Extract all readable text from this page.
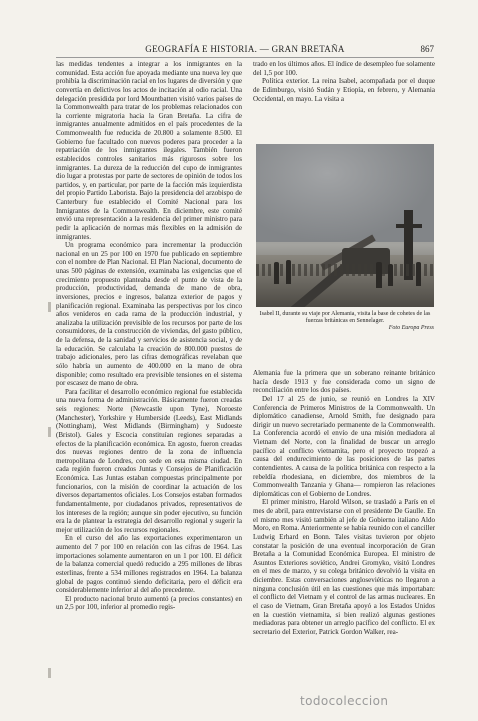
GEOGRAFÍA E HISTORIA. — GRAN BRETAÑA	867

las medidas tendentes a integrar a los inmigrantes en la comunidad. Esta acción fue apoyada mediante una nueva ley que prohibía la discriminación racial en los lugares de diversión y que convertía en delictivos los actos de incitación al odio racial. Una delegación presidida por lord Mountbatten visitó varios países de la Commonwealth para tratar de los problemas relacionados con la corriente migratoria hacia la Gran Bretaña. La cifra de inmigrantes anualmente admitidos en el país procedentes de la Commonwealth fue reducida de 20.800 a solamente 8.500. El Gobierno fue facultado con nuevos poderes para proceder a la repatriación de los inmigrantes ilegales. También fueron establecidos controles sanitarios más rigurosos sobre los inmigrantes. La dureza de la reducción del cupo de inmigrantes dio lugar a protestas por parte de sectores de opinión de todos los partidos, y, en particular, por parte de la facción más izquierdista del propio Partido Laborista. Bajo la presidencia del arzobispo de Canterbury fue establecido el Comité Nacional para los Inmigrantes de la Commonwealth. En diciembre, este comité envió una representación a la residencia del primer ministro para pedir la aplicación de normas más flexibles en la admisión de inmigrantes.

Un programa económico para incrementar la producción nacional en un 25 por 100 en 1970 fue publicado en septiembre con el nombre de Plan Nacional. El Plan Nacional, documento de unas 500 páginas de extensión, examinaba las exigencias que el crecimiento propuesto planteaba desde el punto de vista de la producción, productividad, demanda de mano de obra, inversiones, precios e ingresos, balanza exterior de pagos y planificación regional. Examinaba las perspectivas por los cinco años venideros en cada rama de la producción industrial, y analizaba la utilización previsible de los recursos por parte de los consumidores, de la construcción de viviendas, del gasto público, de la defensa, de la sanidad y servicios de asistencia social, y de la educación. Se calculaba la creación de 800.000 puestos de trabajo adicionales, pero las cifras demográficas revelaban que sólo habría un aumento de 400.000 en la mano de obra disponible; como resultado era previsible tensiones en el sistema por escasez de mano de obra.

Para facilitar el desarrollo económico regional fue establecida una nueva forma de administración. Básicamente fueron creadas seis regiones: Norte (Newcastle upon Tyne), Noroeste (Manchester), Yorkshire y Humberside (Leeds), East Midlands (Nottingham), West Midlands (Birmingham) y Sudoeste (Bristol). Gales y Escocia constituían regiones separadas a efectos de la planificación económica. En agosto, fueron creadas dos nuevas regiones dentro de la zona de influencia metropolitana de Londres, con sede en esta misma ciudad. En cada región fueron creados Juntas y Consejos de Planificación Económica. Las Juntas estaban compuestas principalmente por funcionarios, con la misión de coordinar la actuación de los diversos departamentos oficiales. Los Consejos estaban formados fundamentalmente, por ciudadanos privados, representativos de los intereses de la región; aunque sin poder ejecutivo, su función era la de plantear la estrategia del desarrollo regional y sugerir la mejor utilización de los recursos regionales.

En el curso del año las exportaciones experimentaron un aumento del 7 por 100 en relación con las cifras de 1964. Las importaciones solamente aumentaron en un 1 por 100. El déficit de la balanza comercial quedó reducido a 295 millones de libras esterlinas, frente a 534 millones registrados en 1964. La balanza global de pagos continuó siendo deficitaria, pero el déficit era considerablemente inferior al del año precedente.

El producto nacional bruto aumentó (a precios constantes) en un 2,5 por 100, inferior al promedio regis-

trado en los últimos años. El índice de desempleo fue solamente del 1,5 por 100.

Política exterior. La reina Isabel, acompañada por el duque de Edimburgo, visitó Sudán y Etiopía, en febrero, y Alemania Occidental, en mayo. La visita a

Isabel II, durante su viaje por Alemania, visita la base de cohetes de las fuerzas británicas en Sennelager.
Foto Europa Press

Alemania fue la primera que un soberano reinante británico hacía desde 1913 y fue considerada como un signo de reconciliación entre los dos países.

Del 17 al 25 de junio, se reunió en Londres la XIV Conferencia de Primeros Ministros de la Commonwealth. Un diplomático canadiense, Arnold Smith, fue designado para dirigir un nuevo secretariado permanente de la Commonwealth. La Conferencia acordó el envío de una misión mediadora al Vietnam del Norte, con la finalidad de buscar un arreglo pacífico al conflicto vietnamita, pero el proyecto tropezó a causa del endurecimiento de las posiciones de las partes contendientes. A causa de la política británica con respecto a la rebeldía rhodesiana, en diciembre, dos miembros de la Commonwealth Tanzania y Ghana— rompieron las relaciones diplomáticas con el Gobierno de Londres.

El primer ministro, Harold Wilson, se trasladó a París en el mes de abril, para entrevistarse con el presidente De Gaulle. En el mismo mes visitó también al jefe de Gobierno italiano Aldo Moro, en Roma. Anteriormente se había reunido con el canciller Ludwig Erhard en Bonn. Tales visitas tuvieron por objeto constatar la posición de una eventual incorporación de Gran Bretaña a la Comunidad Económica Europea. El ministro de Asuntos Exteriores soviético, Andrei Gromyko, visitó Londres en el mes de marzo, y su colega británico devolvió la visita en diciembre. Estas conversaciones angloseviéticas no llegaron a ninguna conclusión útil en las cuestiones que más importaban: el conflicto del Vietnam y el control de las armas nucleares. En el caso de Vietnam, Gran Bretaña apoyó a los Estados Unidos en la cuestión vietnamita, si bien realizó algunas gestiones mediadoras para obtener un arreglo pacífico del conflicto. El ex secretario del Exterior, Patrick Gordon Walker, rea-

todocoleccion
